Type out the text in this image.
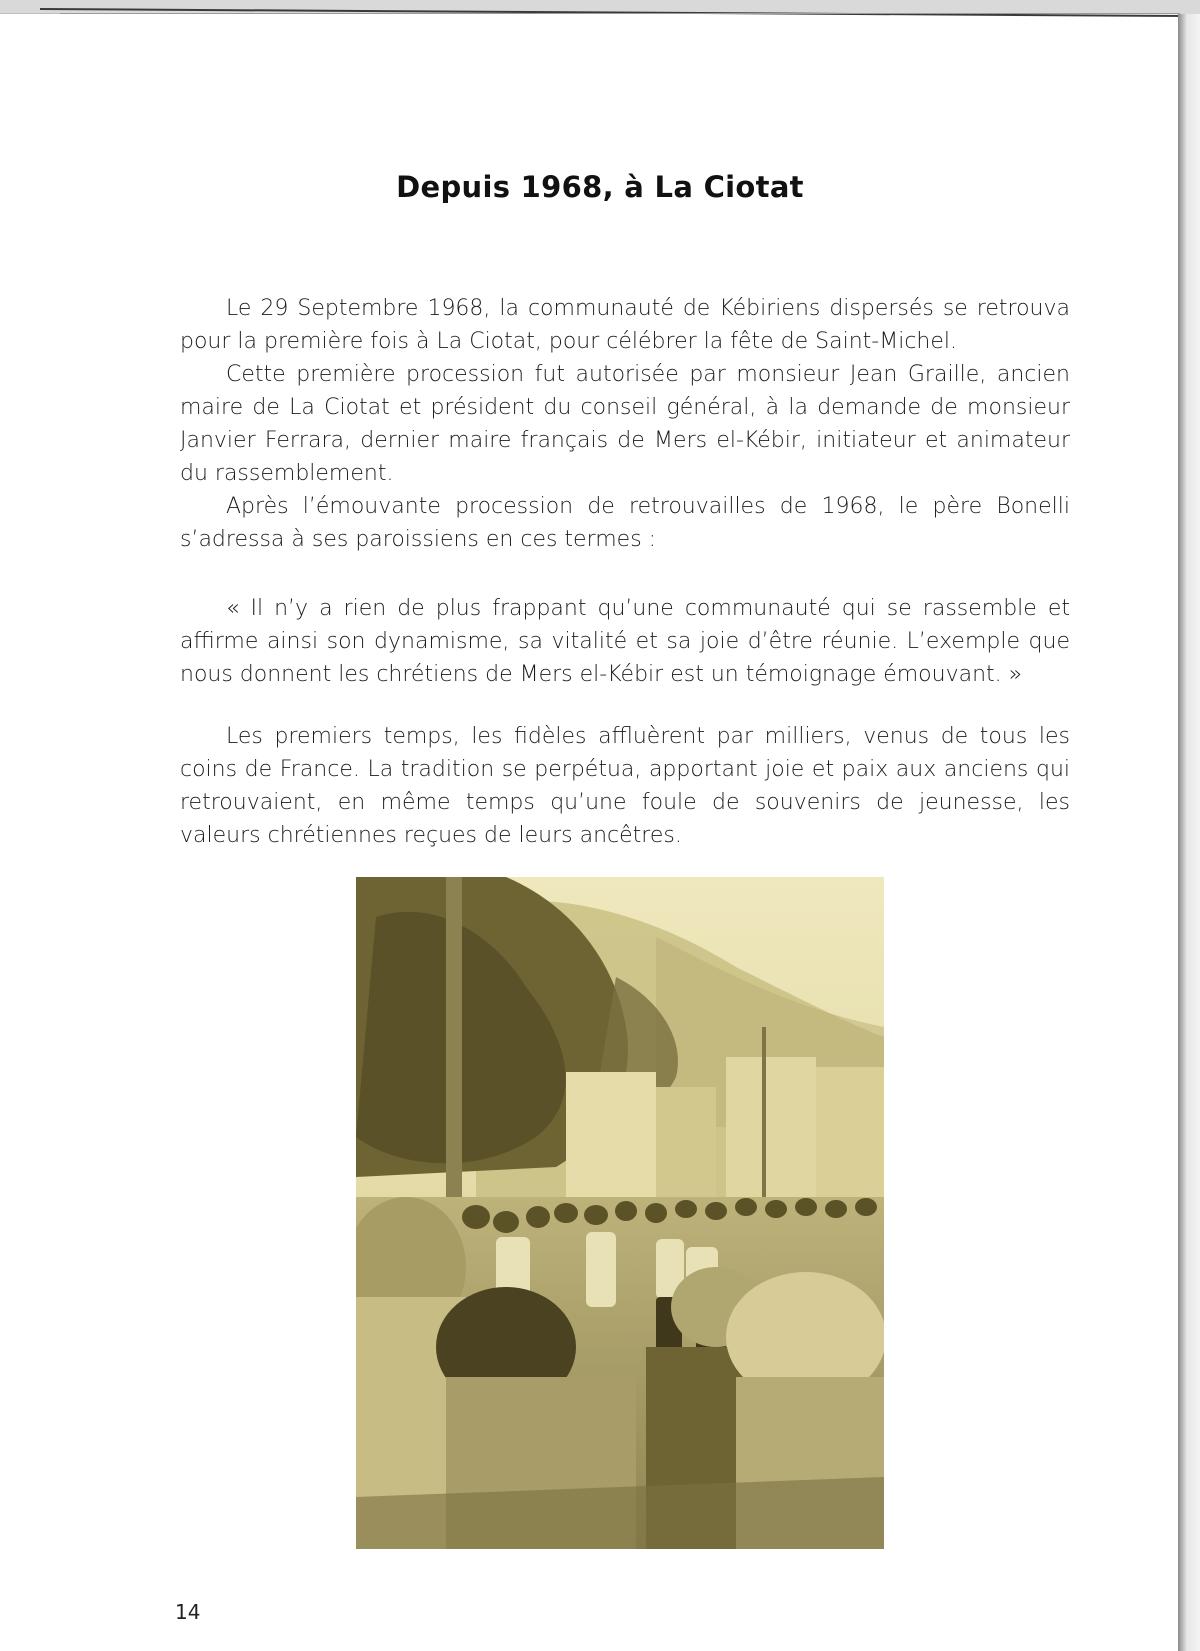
Depuis 1968, à La Ciotat

Le 29 Septembre 1968, la communauté de Kébiriens dispersés se retrouva pour la première fois à La Ciotat, pour célébrer la fête de Saint-Michel.

Cette première procession fut autorisée par monsieur Jean Graille, ancien maire de La Ciotat et président du conseil général, à la demande de monsieur Janvier Ferrara, dernier maire français de Mers el-Kébir, initiateur et animateur du rassemblement.

Après l’émouvante procession de retrouvailles de 1968, le père Bonelli s’adressa à ses paroissiens en ces termes :

« Il n’y a rien de plus frappant qu’une communauté qui se rassemble et affirme ainsi son dynamisme, sa vitalité et sa joie d’être réunie. L’exemple que nous donnent les chrétiens de Mers el-Kébir est un témoignage émouvant. »

Les premiers temps, les fidèles affluèrent par milliers, venus de tous les coins de France. La tradition se perpétua, apportant joie et paix aux anciens qui retrouvaient, en même temps qu’une foule de souvenirs de jeunesse, les valeurs chrétiennes reçues de leurs ancêtres.

14
